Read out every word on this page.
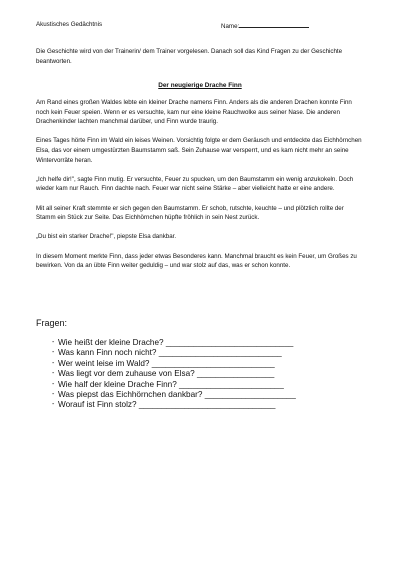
Akustisches Gedächtnis	Name:
Die Geschichte wird von der Trainerin/ dem Trainer vorgelesen. Danach soll das Kind Fragen zu der Geschichte beantworten.
Der neugierige Drache Finn

Am Rand eines großen Waldes lebte ein kleiner Drache namens Finn. Anders als die anderen Drachen konnte Finn noch kein Feuer speien. Wenn er es versuchte, kam nur eine kleine Rauchwolke aus seiner Nase. Die anderen Drachenkinder lachten manchmal darüber, und Finn wurde traurig.

Eines Tages hörte Finn im Wald ein leises Weinen. Vorsichtig folgte er dem Geräusch und entdeckte das Eichhörnchen Elsa, das vor einem umgestürzten Baumstamm saß. Sein Zuhause war versperrt, und es kam nicht mehr an seine Wintervorräte heran.

„Ich helfe dir!", sagte Finn mutig. Er versuchte, Feuer zu spucken, um den Baumstamm ein wenig anzukokeln. Doch wieder kam nur Rauch. Finn dachte nach. Feuer war nicht seine Stärke – aber vielleicht hatte er eine andere.

Mit all seiner Kraft stemmte er sich gegen den Baumstamm. Er schob, rutschte, keuchte – und plötzlich rollte der Stamm ein Stück zur Seite. Das Eichhörnchen hüpfte fröhlich in sein Nest zurück.

„Du bist ein starker Drache!", piepste Elsa dankbar.

In diesem Moment merkte Finn, dass jeder etwas Besonderes kann. Manchmal braucht es kein Feuer, um Großes zu bewirken. Von da an übte Finn weiter geduldig – und war stolz auf das, was er schon konnte.

Fragen:
- Wie heißt der kleine Drache? ____________________________
- Was kann Finn noch nicht? ___________________________
- Wer weint leise im Wald? ___________________________
- Was liegt vor dem zuhause von Elsa? _________________
- Wie half der kleine Drache Finn? _______________________
- Was piepst das Eichhörnchen dankbar? ____________________
- Worauf ist Finn stolz? ______________________________
